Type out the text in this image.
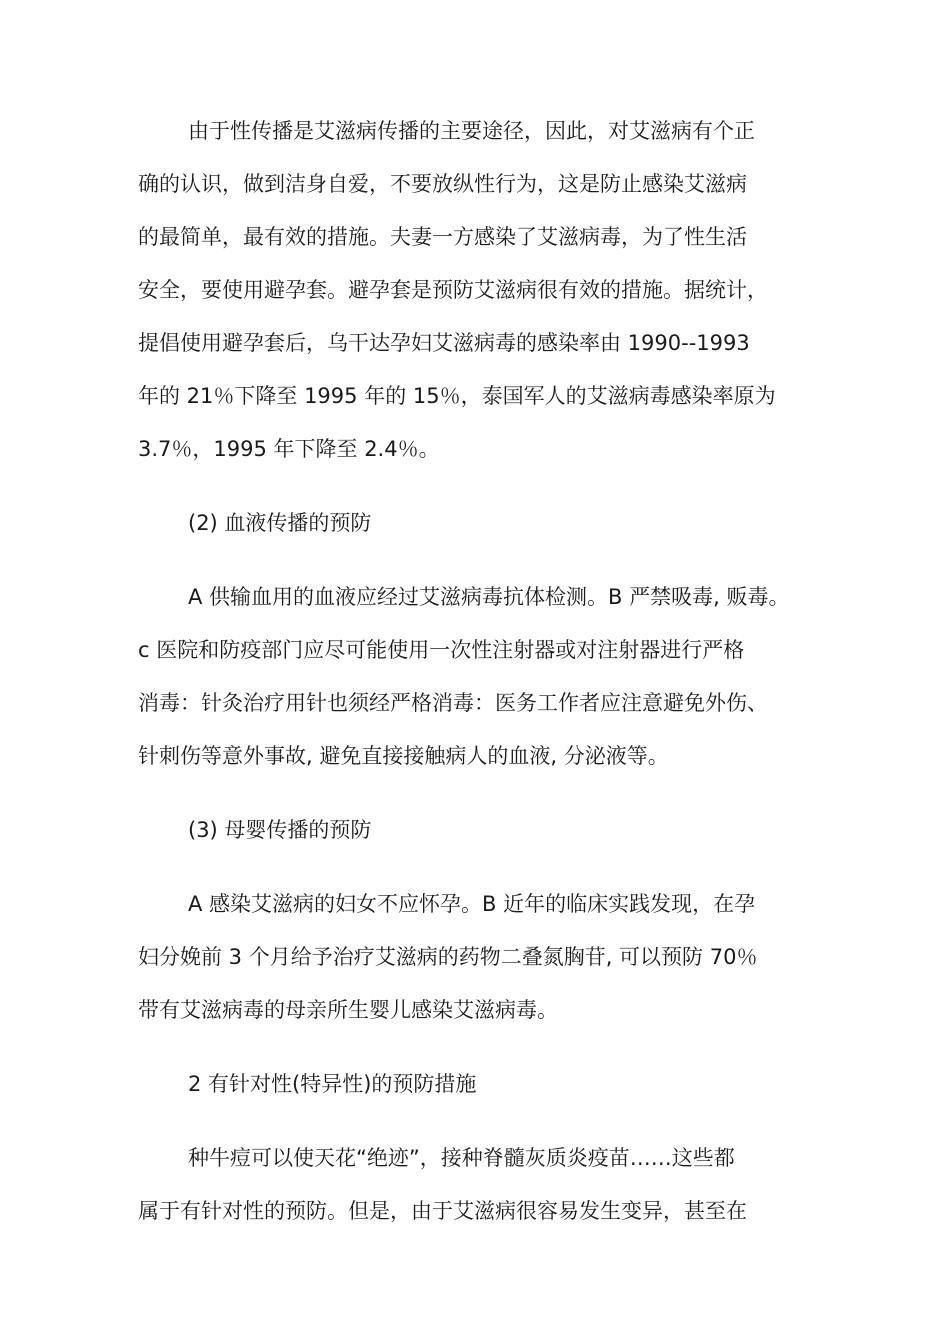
由于性传播是艾滋病传播的主要途径，因此，对艾滋病有个正
确的认识，做到洁身自爱，不要放纵性行为，这是防止感染艾滋病
的最简单，最有效的措施。夫妻一方感染了艾滋病毒，为了性生活
安全，要使用避孕套。避孕套是预防艾滋病很有效的措施。据统计，
提倡使用避孕套后，乌干达孕妇艾滋病毒的感染率由 1990--1993
年的 21％下降至 1995 年的 15％，泰国军人的艾滋病毒感染率原为
3.7％，1995 年下降至 2.4％。
(2) 血液传播的预防
A 供输血用的血液应经过艾滋病毒抗体检测。B 严禁吸毒, 贩毒。
c 医院和防疫部门应尽可能使用一次性注射器或对注射器进行严格
消毒：针灸治疗用针也须经严格消毒：医务工作者应注意避免外伤、
针刺伤等意外事故, 避免直接接触病人的血液, 分泌液等。
(3) 母婴传播的预防
A 感染艾滋病的妇女不应怀孕。B 近年的临床实践发现，在孕
妇分娩前 3 个月给予治疗艾滋病的药物二叠氮胸苷, 可以预防 70％
带有艾滋病毒的母亲所生婴儿感染艾滋病毒。
2 有针对性(特异性)的预防措施
种牛痘可以使天花“绝迹”，接种脊髓灰质炎疫苗……这些都
属于有针对性的预防。但是，由于艾滋病很容易发生变异，甚至在
